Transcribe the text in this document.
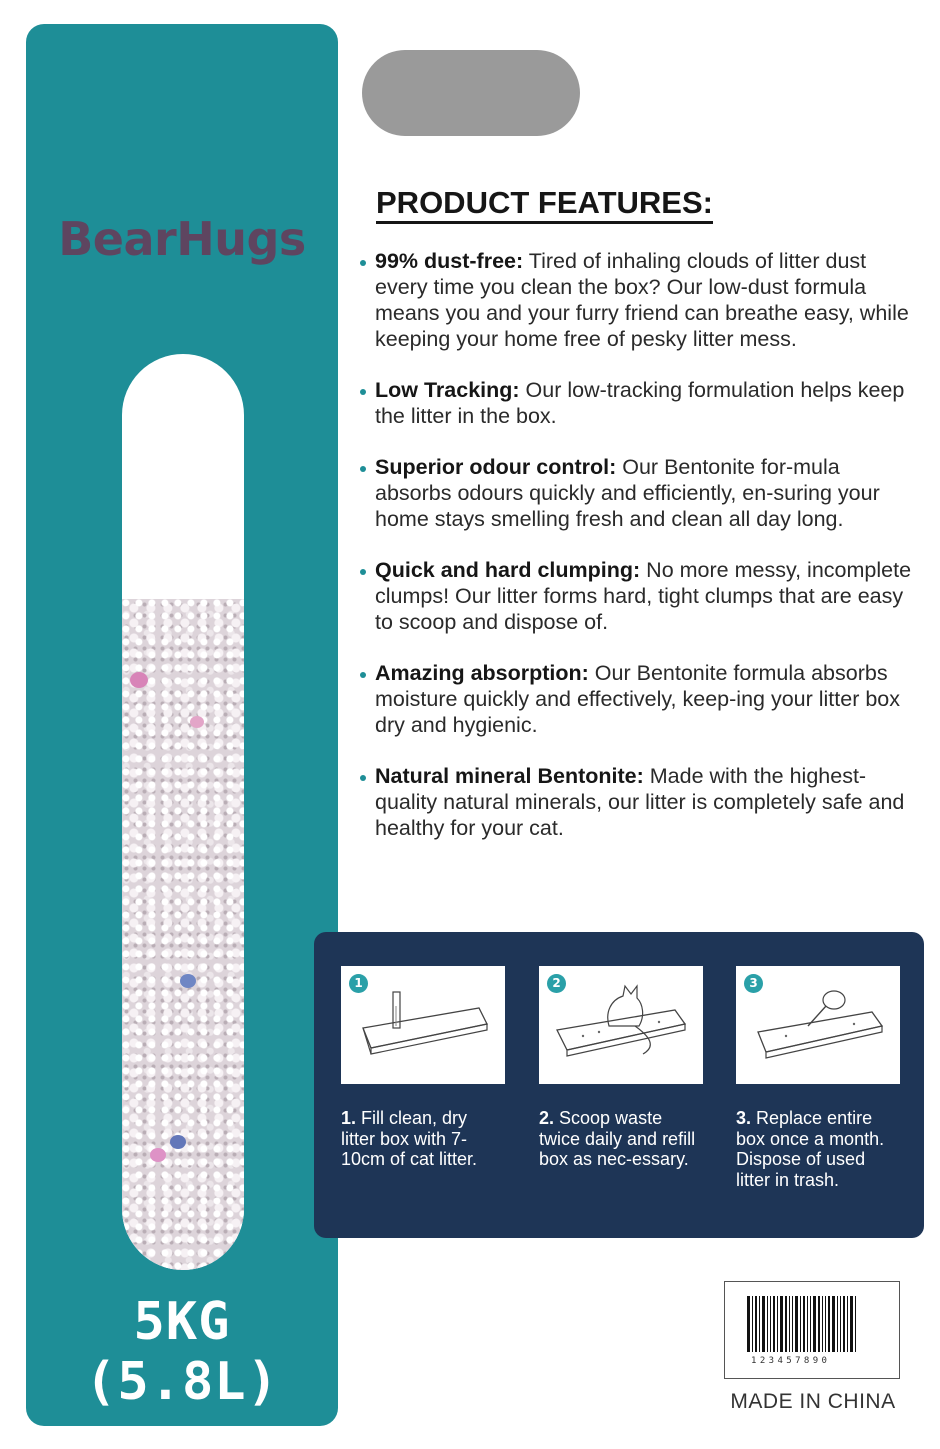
BearHugs
5KG
(5.8L)
PRODUCT FEATURES:
99% dust-free: Tired of inhaling clouds of litter dust every time you clean the box? Our low-dust formula means you and your furry friend can breathe easy, while keeping your home free of pesky litter mess.
Low Tracking: Our low-tracking formulation helps keep the litter in the box.
Superior odour control: Our Bentonite for-mula absorbs odours quickly and efficiently, en-suring your home stays smelling fresh and clean all day long.
Quick and hard clumping: No more messy, incomplete clumps! Our litter forms hard, tight clumps that are easy to scoop and dispose of.
Amazing absorption: Our Bentonite formula absorbs moisture quickly and effectively, keep-ing your litter box dry and hygienic.
Natural mineral Bentonite: Made with the highest-quality natural minerals, our litter is completely safe and healthy for your cat.
1
1. Fill clean, dry litter box with 7-10cm of cat litter.
2
2. Scoop waste twice daily and refill box as nec-essary.
3
3. Replace entire box once a month. Dispose of used litter in trash.
123457890
MADE IN CHINA
